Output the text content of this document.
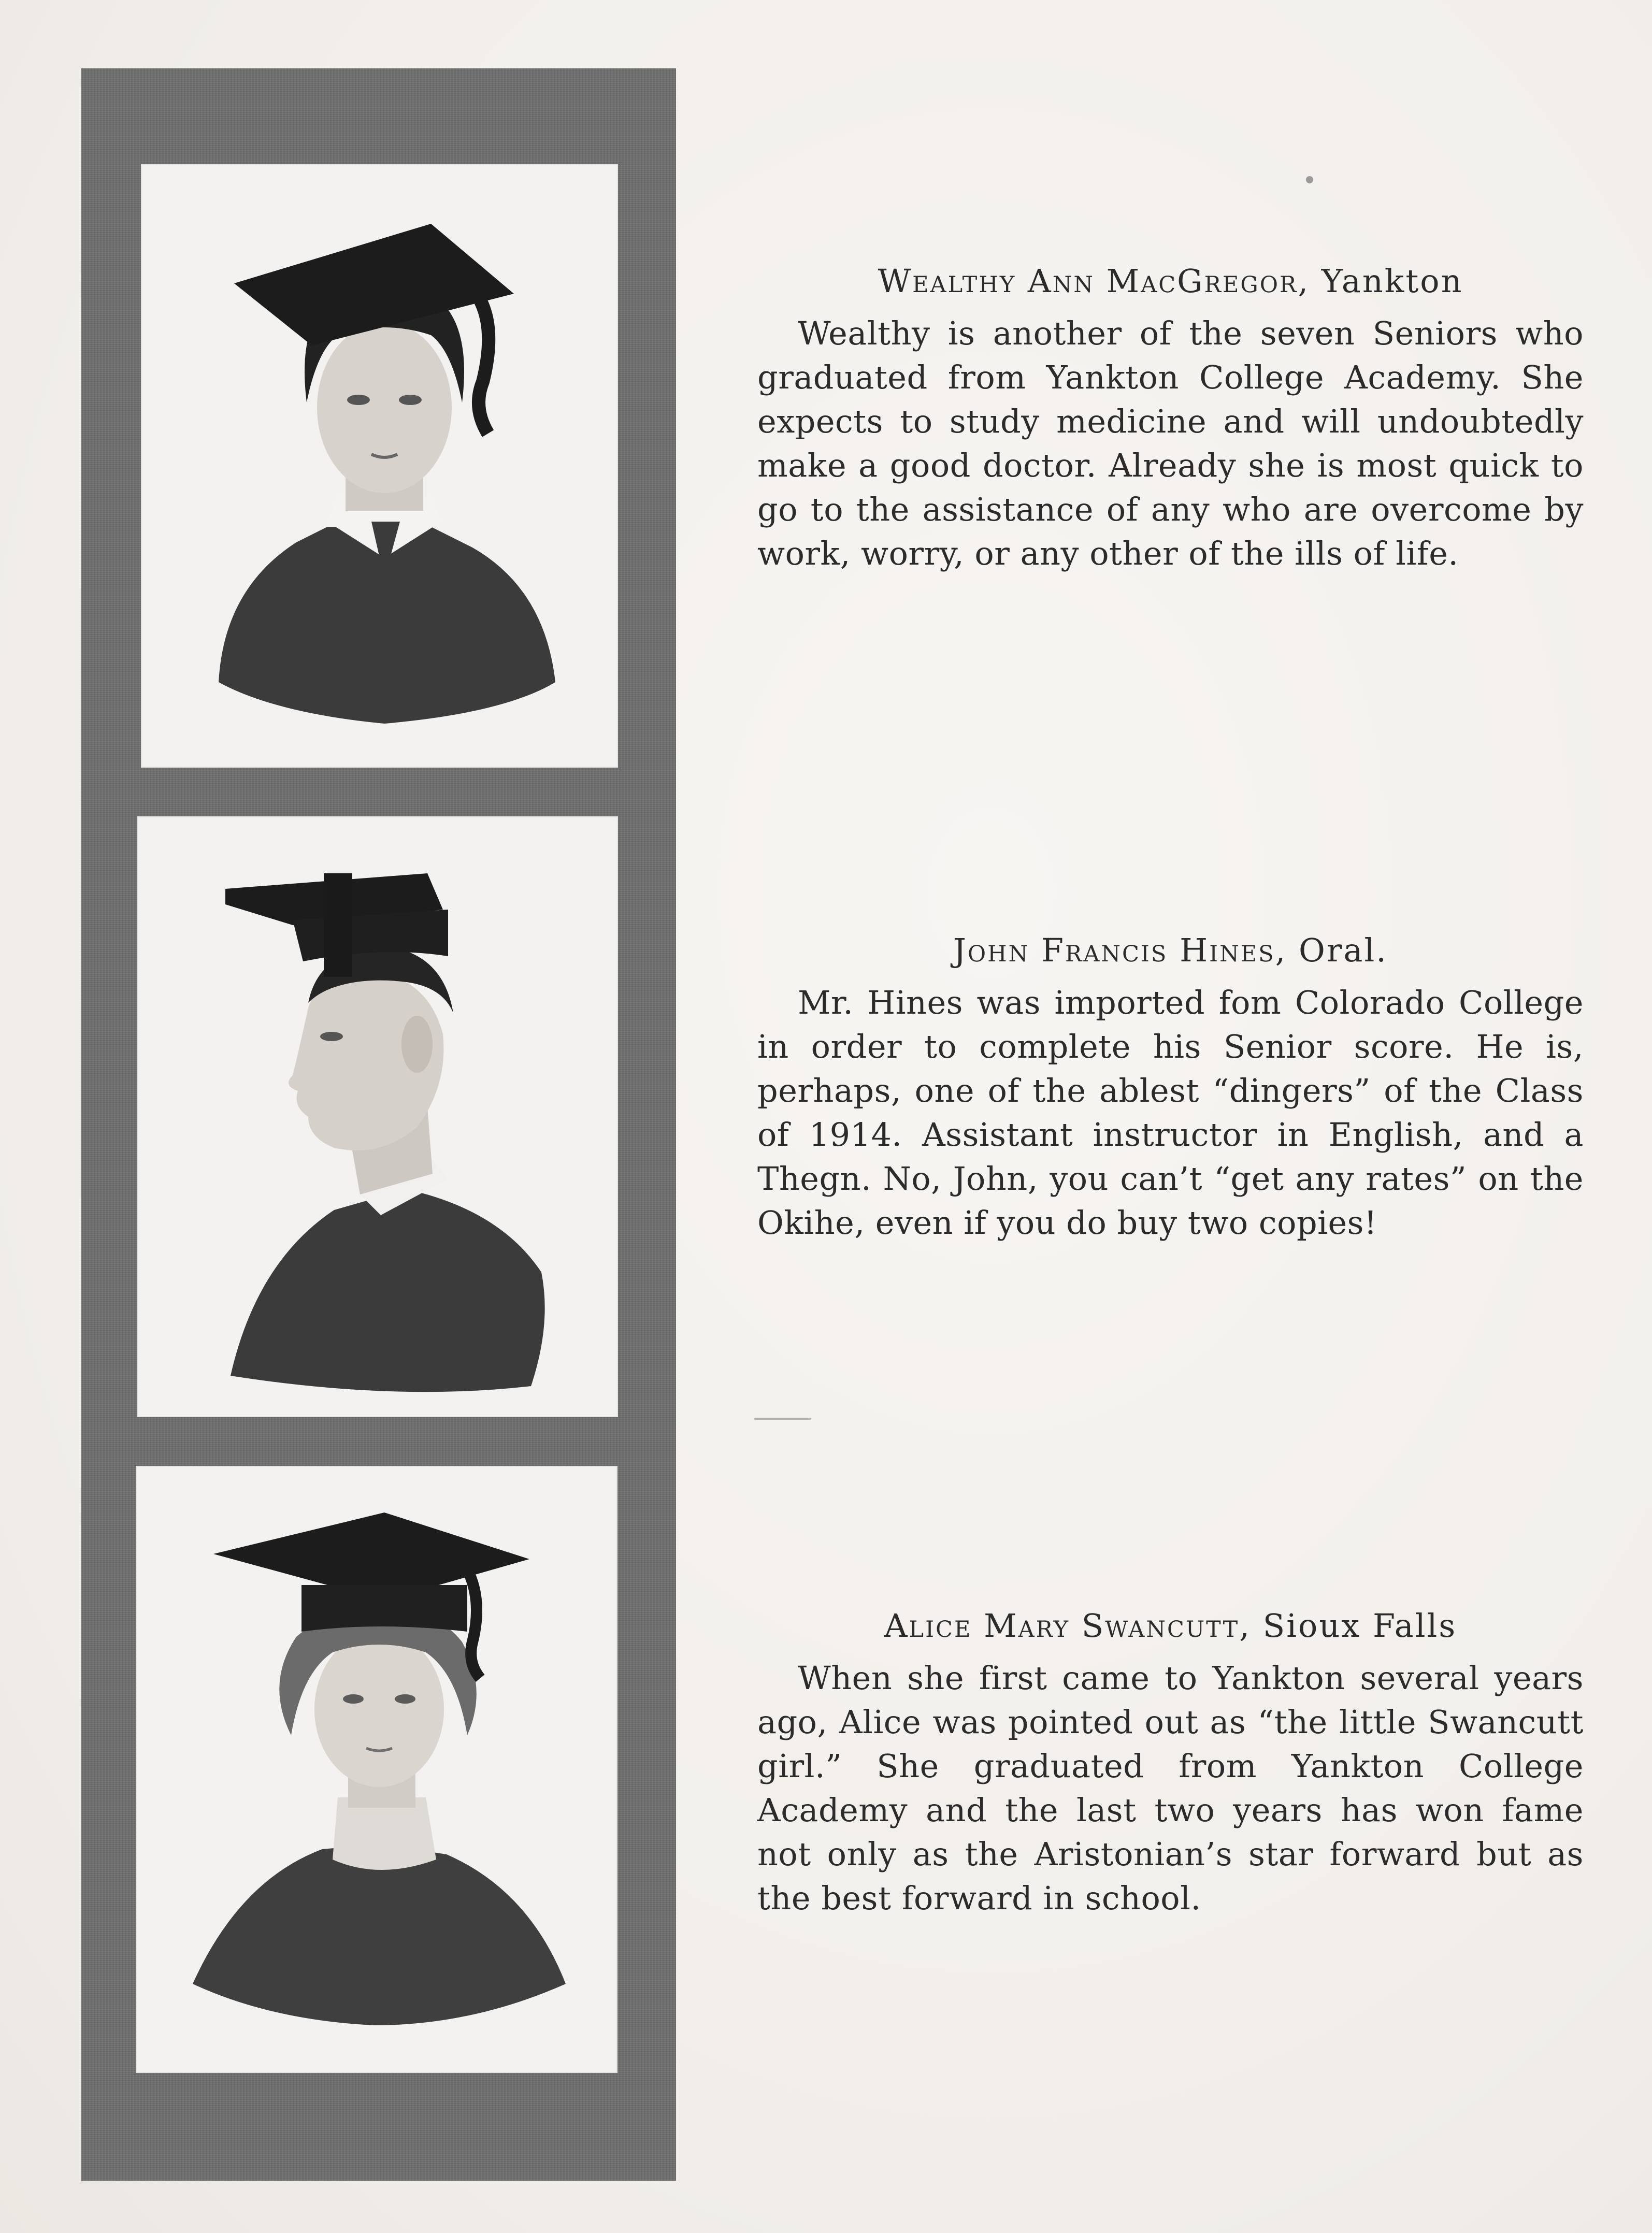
Wealthy Ann MacGregor, Yankton

Wealthy is another of the seven Seniors who graduated from Yankton College Academy. She expects to study medicine and will undoubtedly make a good doctor. Already she is most quick to go to the assistance of any who are overcome by work, worry, or any other of the ills of life.

John Francis Hines, Oral.

Mr. Hines was imported fom Colorado College in order to complete his Senior score. He is, perhaps, one of the ablest “dingers” of the Class of 1914. Assistant instructor in English, and a Thegn. No, John, you can’t “get any rates” on the Okihe, even if you do buy two copies!

Alice Mary Swancutt, Sioux Falls

When she first came to Yankton several years ago, Alice was pointed out as “the little Swancutt girl.” She graduated from Yankton College Academy and the last two years has won fame not only as the Aristonian’s star forward but as the best forward in school.
